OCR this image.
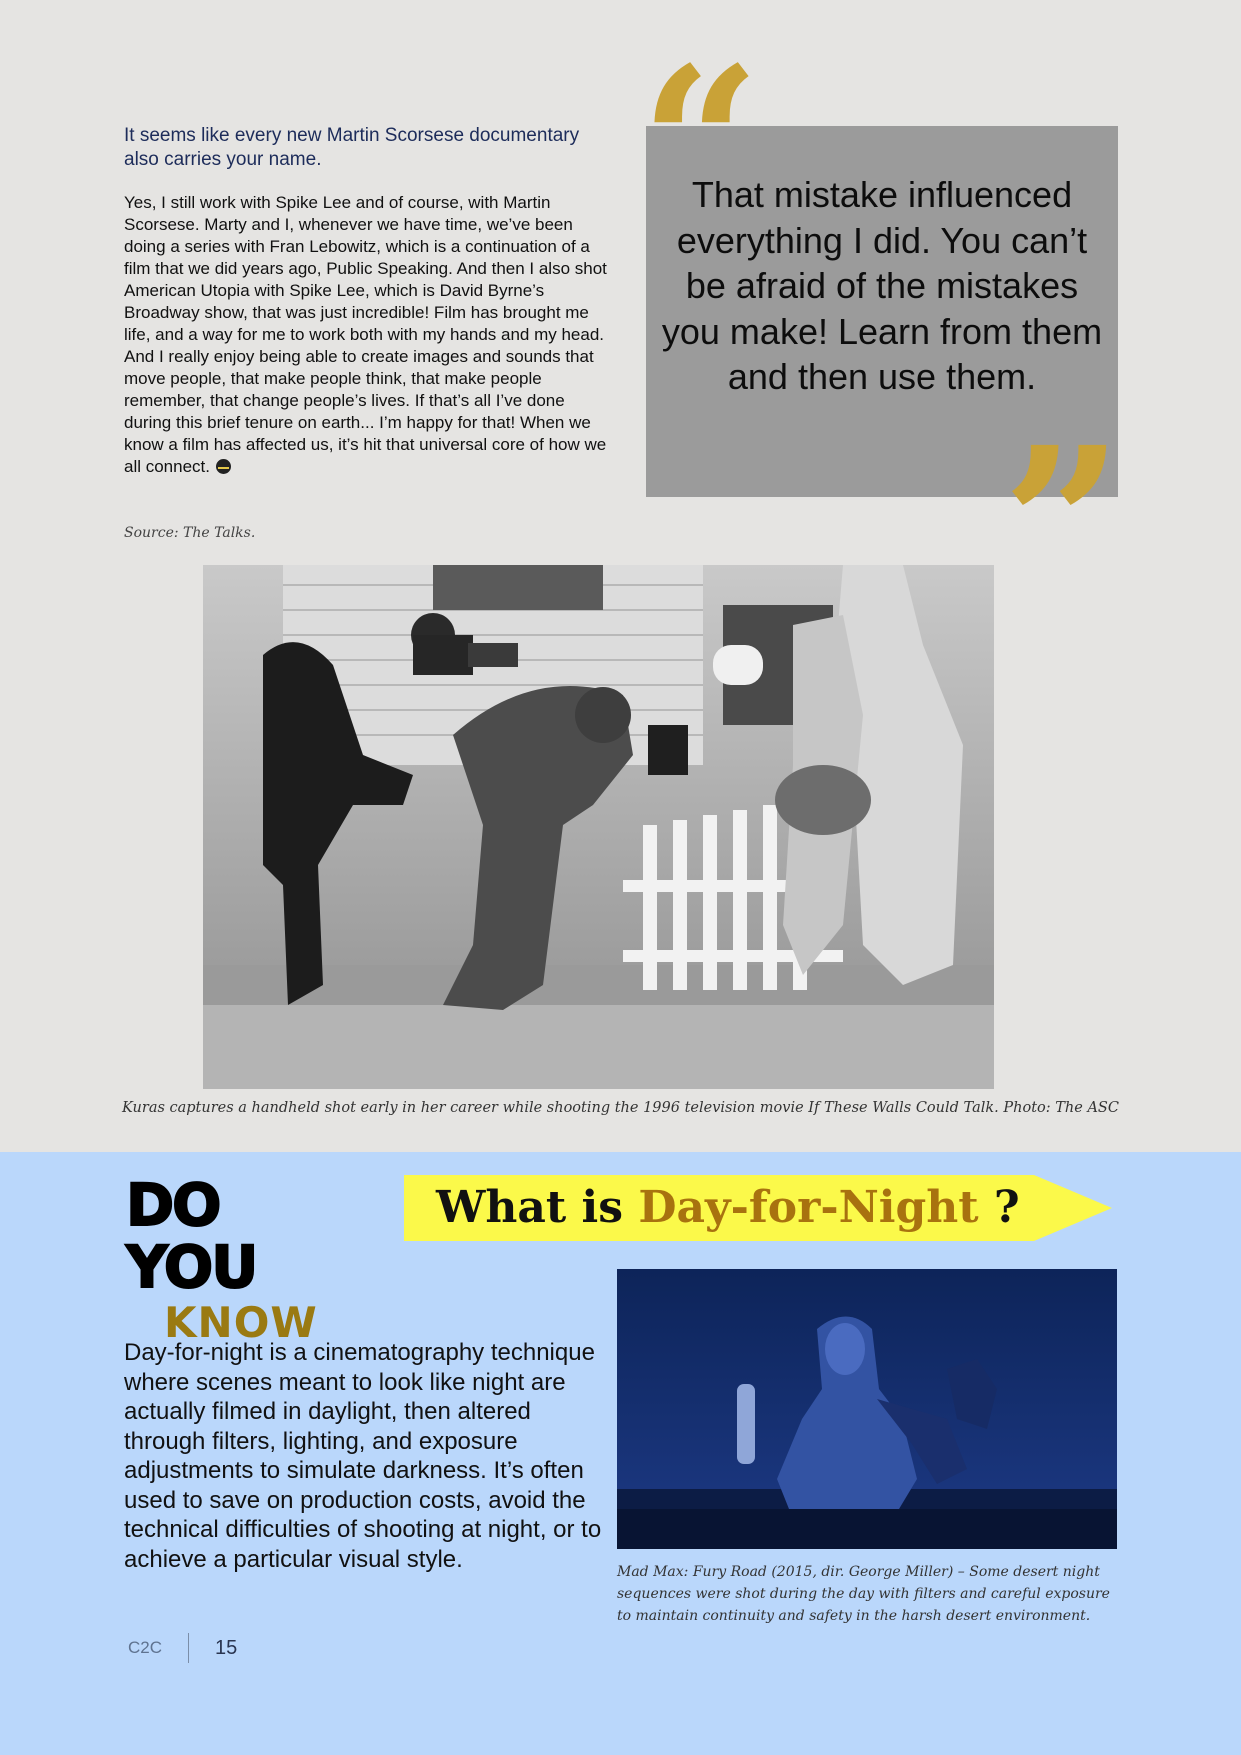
It seems like every new Martin Scorsese documentary also carries your name.

Yes, I still work with Spike Lee and of course, with Martin Scorsese. Marty and I, whenever we have time, we’ve been doing a series with Fran Lebowitz, which is a continuation of a film that we did years ago, Public Speaking. And then I also shot American Utopia with Spike Lee, which is David Byrne’s Broadway show, that was just incredible! Film has brought me life, and a way for me to work both with my hands and my head. And I really enjoy being able to create images and sounds that move people, that make people think, that make people remember, that change people’s lives. If that’s all I’ve done during this brief tenure on earth... I’m happy for that! When we know a film has affected us, it’s hit that universal core of how we all connect.

Source: The Talks.

“

That mistake influenced everything I did. You can’t be afraid of the mistakes you make! Learn from them and then use them.

”

Kuras captures a handheld shot early in her career while shooting the 1996 television movie If These Walls Could Talk. Photo: The ASC

DO YOU
KNOW
What is Day-for-Night ?

Day-for-night is a cinematography technique where scenes meant to look like night are actually filmed in daylight, then altered through filters, lighting, and exposure adjustments to simulate darkness. It’s often used to save on production costs, avoid the technical difficulties of shooting at night, or to achieve a particular visual style.	Mad Max: Fury Road (2015, dir. George Miller) – Some desert night sequences were shot during the day with filters and careful exposure to maintain continuity and safety in the harsh desert environment.

C2C	15
